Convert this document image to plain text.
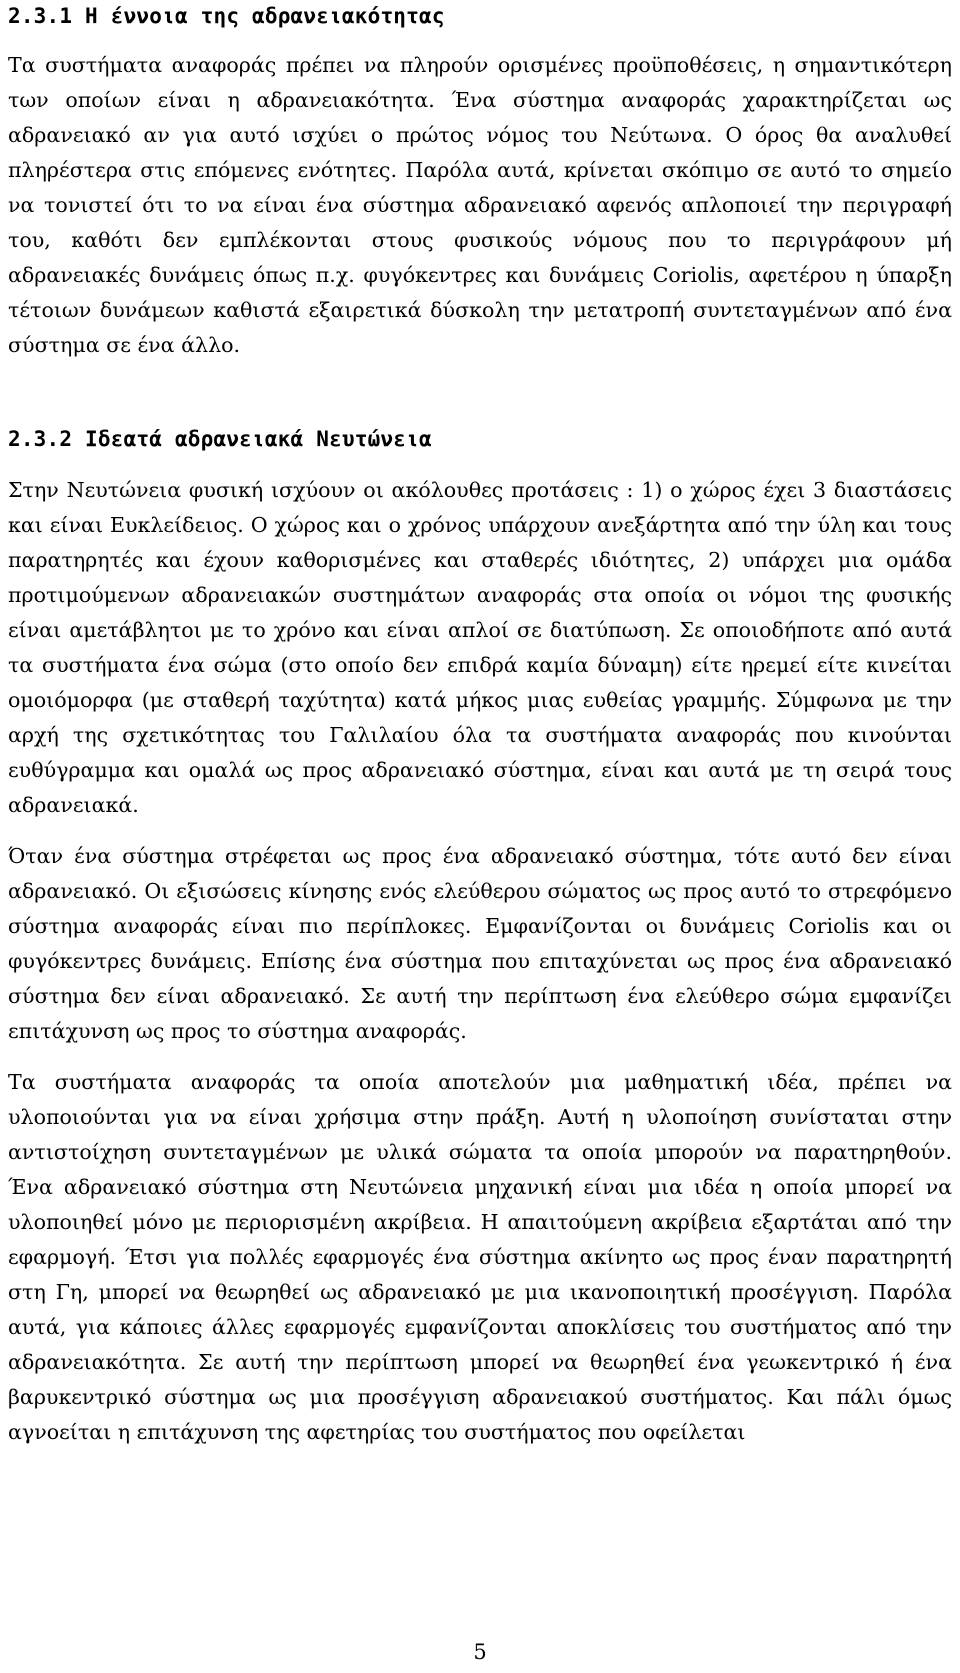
2.3.1 Η έννοια της αδρανειακότητας

Τα συστήματα αναφοράς πρέπει να πληρούν ορισμένες προϋποθέσεις, η σημαντικότερη των οποίων είναι η αδρανειακότητα. Ένα σύστημα αναφοράς χαρακτηρίζεται ως αδρανειακό αν για αυτό ισχύει ο πρώτος νόμος του Νεύτωνα. Ο όρος θα αναλυθεί πληρέστερα στις επόμενες ενότητες. Παρόλα αυτά, κρίνεται σκόπιμο σε αυτό το σημείο να τονιστεί ότι το να είναι ένα σύστημα αδρανειακό αφενός απλοποιεί την περιγραφή του, καθότι δεν εμπλέκονται στους φυσικούς νόμους που το περιγράφουν μή αδρανειακές δυνάμεις όπως π.χ. φυγόκεντρες και δυνάμεις Coriolis, αφετέρου η ύπαρξη τέτοιων δυνάμεων καθιστά εξαιρετικά δύσκολη την μετατροπή συντεταγμένων από ένα σύστημα σε ένα άλλο.

2.3.2 Ιδεατά αδρανειακά Νευτώνεια

Στην Νευτώνεια φυσική ισχύουν οι ακόλουθες προτάσεις : 1) ο χώρος έχει 3 διαστάσεις και είναι Ευκλείδειος. Ο χώρος και ο χρόνος υπάρχουν ανεξάρτητα από την ύλη και τους παρατηρητές και έχουν καθορισμένες και σταθερές ιδιότητες, 2) υπάρχει μια ομάδα προτιμούμενων αδρανειακών συστημάτων αναφοράς στα οποία οι νόμοι της φυσικής είναι αμετάβλητοι με το χρόνο και είναι απλοί σε διατύπωση. Σε οποιοδήποτε από αυτά τα συστήματα ένα σώμα (στο οποίο δεν επιδρά καμία δύναμη) είτε ηρεμεί είτε κινείται ομοιόμορφα (με σταθερή ταχύτητα) κατά μήκος μιας ευθείας γραμμής. Σύμφωνα με την αρχή της σχετικότητας του Γαλιλαίου όλα τα συστήματα αναφοράς που κινούνται ευθύγραμμα και ομαλά ως προς αδρανειακό σύστημα, είναι και αυτά με τη σειρά τους αδρανειακά.

Όταν ένα σύστημα στρέφεται ως προς ένα αδρανειακό σύστημα, τότε αυτό δεν είναι αδρανειακό. Οι εξισώσεις κίνησης ενός ελεύθερου σώματος ως προς αυτό το στρεφόμενο σύστημα αναφοράς είναι πιο περίπλοκες. Εμφανίζονται οι δυνάμεις Coriolis και οι φυγόκεντρες δυνάμεις. Επίσης ένα σύστημα που επιταχύνεται ως προς ένα αδρανειακό σύστημα δεν είναι αδρανειακό. Σε αυτή την περίπτωση ένα ελεύθερο σώμα εμφανίζει επιτάχυνση ως προς το σύστημα αναφοράς.

Τα συστήματα αναφοράς τα οποία αποτελούν μια μαθηματική ιδέα, πρέπει να υλοποιούνται για να είναι χρήσιμα στην πράξη. Αυτή η υλοποίηση συνίσταται στην αντιστοίχηση συντεταγμένων με υλικά σώματα τα οποία μπορούν να παρατηρηθούν. Ένα αδρανειακό σύστημα στη Νευτώνεια μηχανική είναι μια ιδέα η οποία μπορεί να υλοποιηθεί μόνο με περιορισμένη ακρίβεια. Η απαιτούμενη ακρίβεια εξαρτάται από την εφαρμογή. Έτσι για πολλές εφαρμογές ένα σύστημα ακίνητο ως προς έναν παρατηρητή στη Γη, μπορεί να θεωρηθεί ως αδρανειακό με μια ικανοποιητική προσέγγιση. Παρόλα αυτά, για κάποιες άλλες εφαρμογές εμφανίζονται αποκλίσεις του συστήματος από την αδρανειακότητα. Σε αυτή την περίπτωση μπορεί να θεωρηθεί ένα γεωκεντρικό ή ένα βαρυκεντρικό σύστημα ως μια προσέγγιση αδρανειακού συστήματος. Και πάλι όμως αγνοείται η επιτάχυνση της αφετηρίας του συστήματος που οφείλεται

5
